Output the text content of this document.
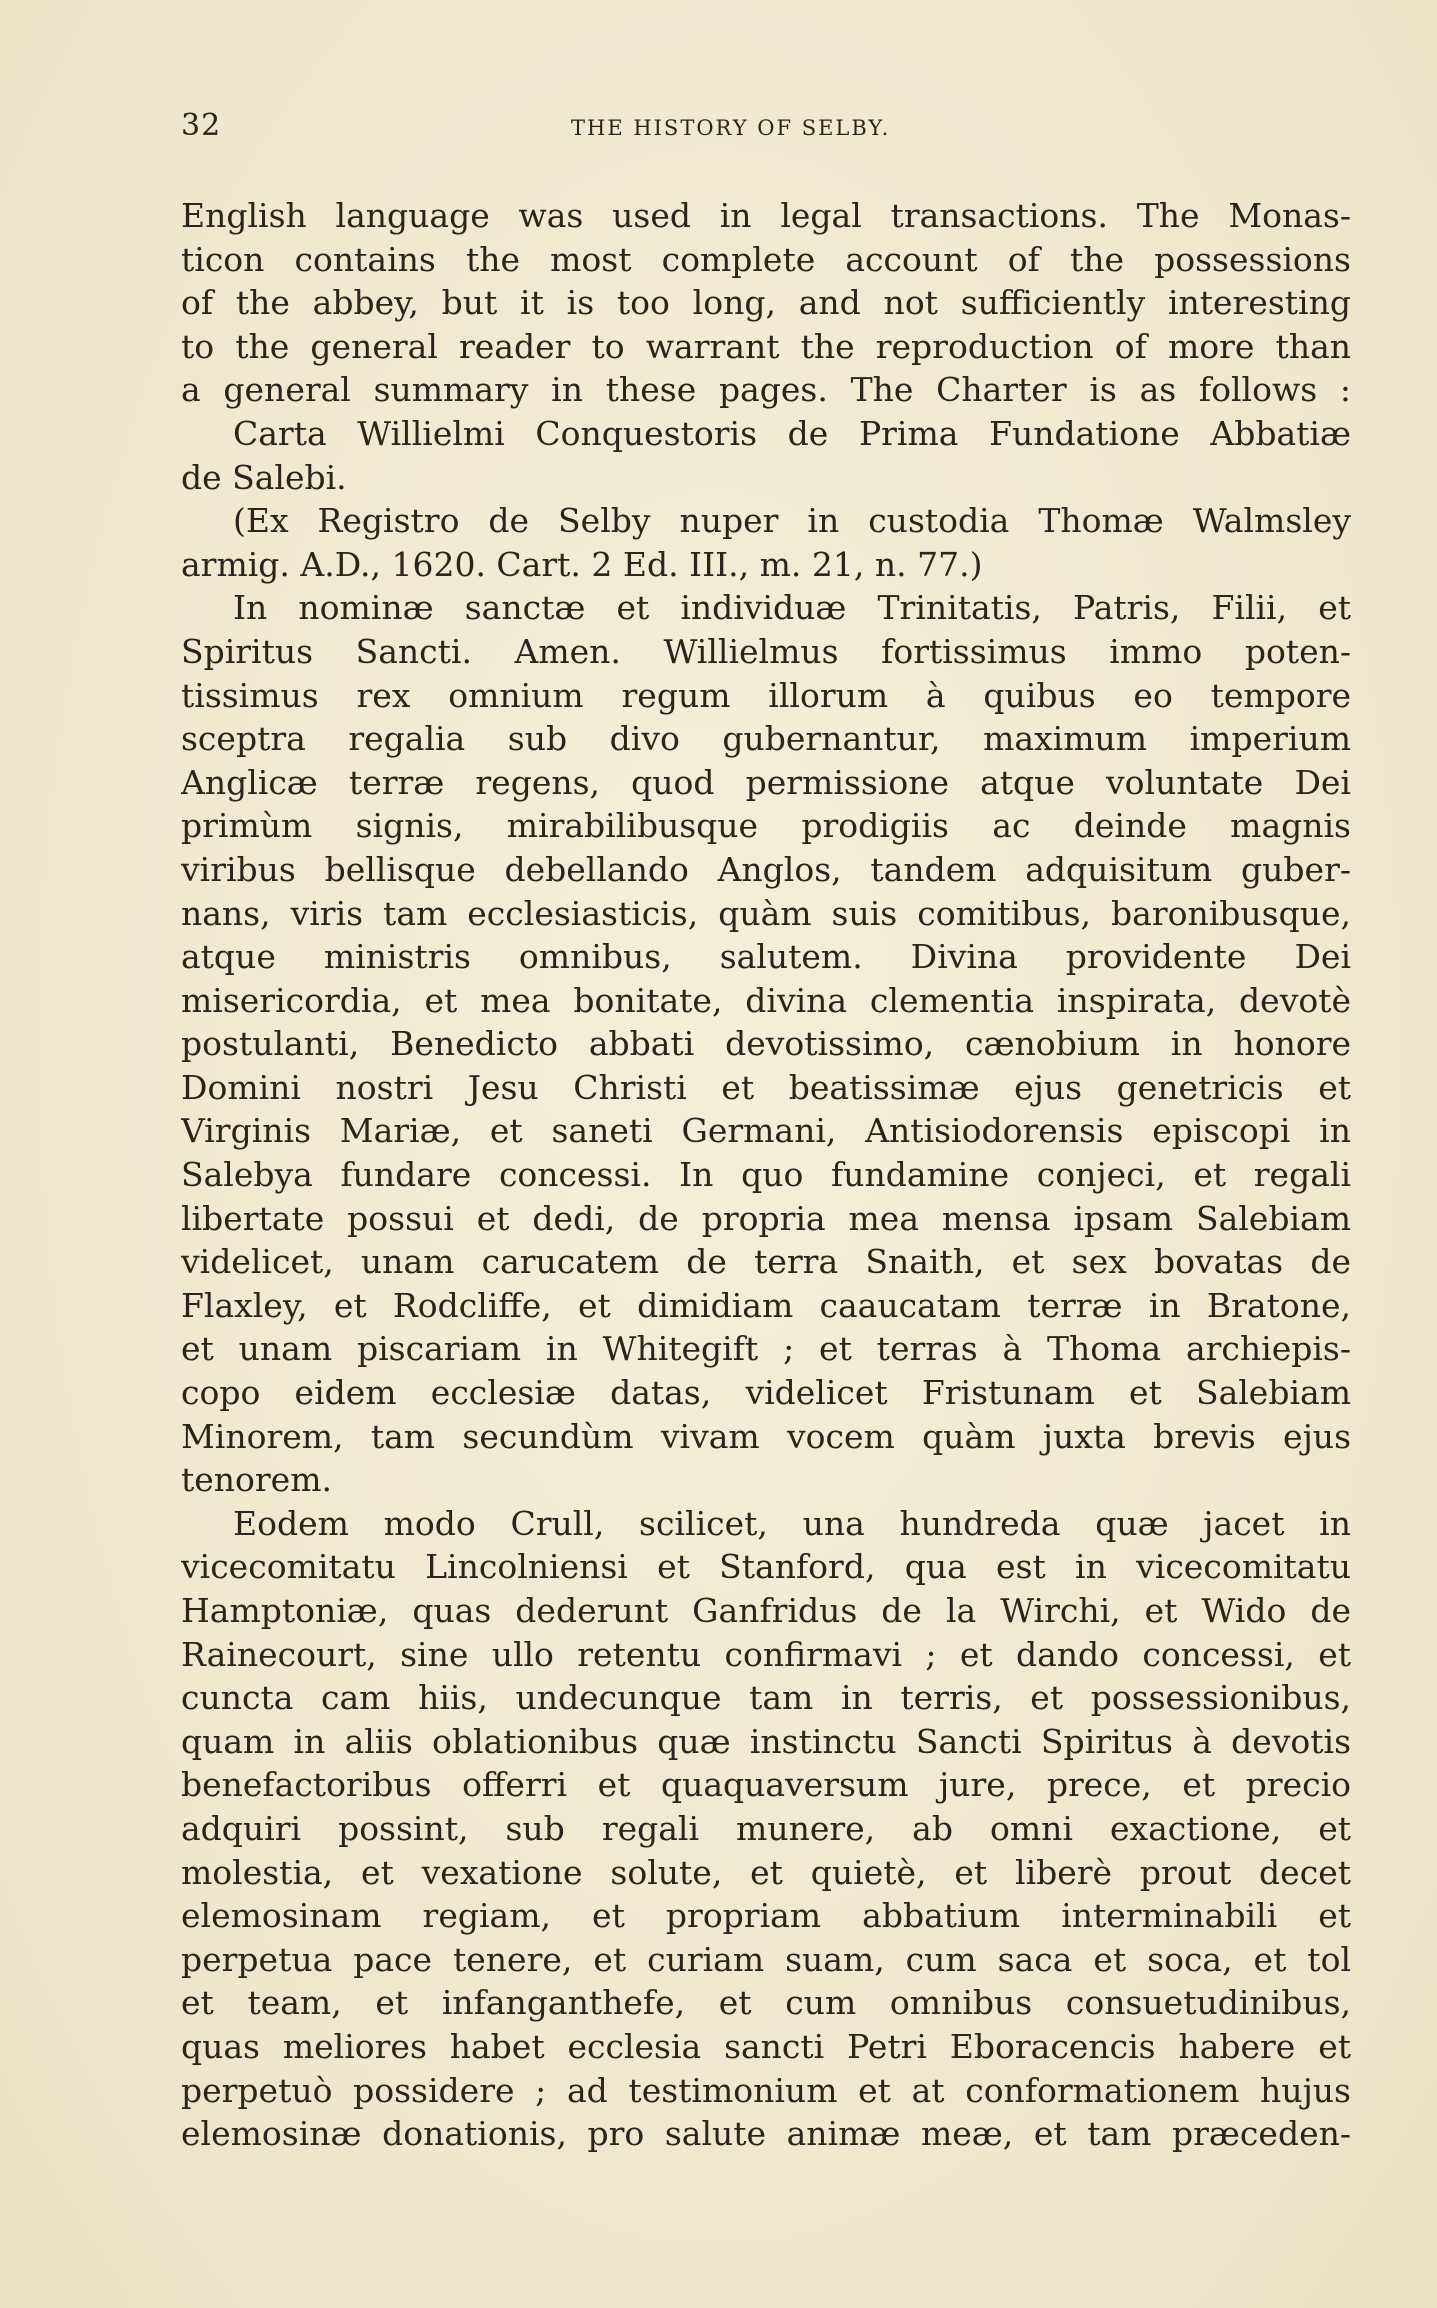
32	THE HISTORY OF SELBY.
English language was used in legal transactions. The Monas-
ticon contains the most complete account of the possessions
of the abbey, but it is too long, and not sufficiently interesting
to the general reader to warrant the reproduction of more than
a general summary in these pages. The Charter is as follows :
Carta Willielmi Conquestoris de Prima Fundatione Abbatiæ
de Salebi.
(Ex Registro de Selby nuper in custodia Thomæ Walmsley
armig. A.D., 1620. Cart. 2 Ed. III., m. 21, n. 77.)
In nominæ sanctæ et individuæ Trinitatis, Patris, Filii, et
Spiritus Sancti. Amen. Willielmus fortissimus immo poten-
tissimus rex omnium regum illorum à quibus eo tempore
sceptra regalia sub divo gubernantur, maximum imperium
Anglicæ terræ regens, quod permissione atque voluntate Dei
primùm signis, mirabilibusque prodigiis ac deinde magnis
viribus bellisque debellando Anglos, tandem adquisitum guber-
nans, viris tam ecclesiasticis, quàm suis comitibus, baronibusque,
atque ministris omnibus, salutem. Divina providente Dei
misericordia, et mea bonitate, divina clementia inspirata, devotè
postulanti, Benedicto abbati devotissimo, cænobium in honore
Domini nostri Jesu Christi et beatissimæ ejus genetricis et
Virginis Mariæ, et saneti Germani, Antisiodorensis episcopi in
Salebya fundare concessi. In quo fundamine conjeci, et regali
libertate possui et dedi, de propria mea mensa ipsam Salebiam
videlicet, unam carucatem de terra Snaith, et sex bovatas de
Flaxley, et Rodcliffe, et dimidiam caaucatam terræ in Bratone,
et unam piscariam in Whitegift ; et terras à Thoma archiepis-
copo eidem ecclesiæ datas, videlicet Fristunam et Salebiam
Minorem, tam secundùm vivam vocem quàm juxta brevis ejus
tenorem.
Eodem modo Crull, scilicet, una hundreda quæ jacet in
vicecomitatu Lincolniensi et Stanford, qua est in vicecomitatu
Hamptoniæ, quas dederunt Ganfridus de la Wirchi, et Wido de
Rainecourt, sine ullo retentu confirmavi ; et dando concessi, et
cuncta cam hiis, undecunque tam in terris, et possessionibus,
quam in aliis oblationibus quæ instinctu Sancti Spiritus à devotis
benefactoribus offerri et quaquaversum jure, prece, et precio
adquiri possint, sub regali munere, ab omni exactione, et
molestia, et vexatione solute, et quietè, et liberè prout decet
elemosinam regiam, et propriam abbatium interminabili et
perpetua pace tenere, et curiam suam, cum saca et soca, et tol
et team, et infanganthefe, et cum omnibus consuetudinibus,
quas meliores habet ecclesia sancti Petri Eboracencis habere et
perpetuò possidere ; ad testimonium et at conformationem hujus
elemosinæ donationis, pro salute animæ meæ, et tam præceden-
